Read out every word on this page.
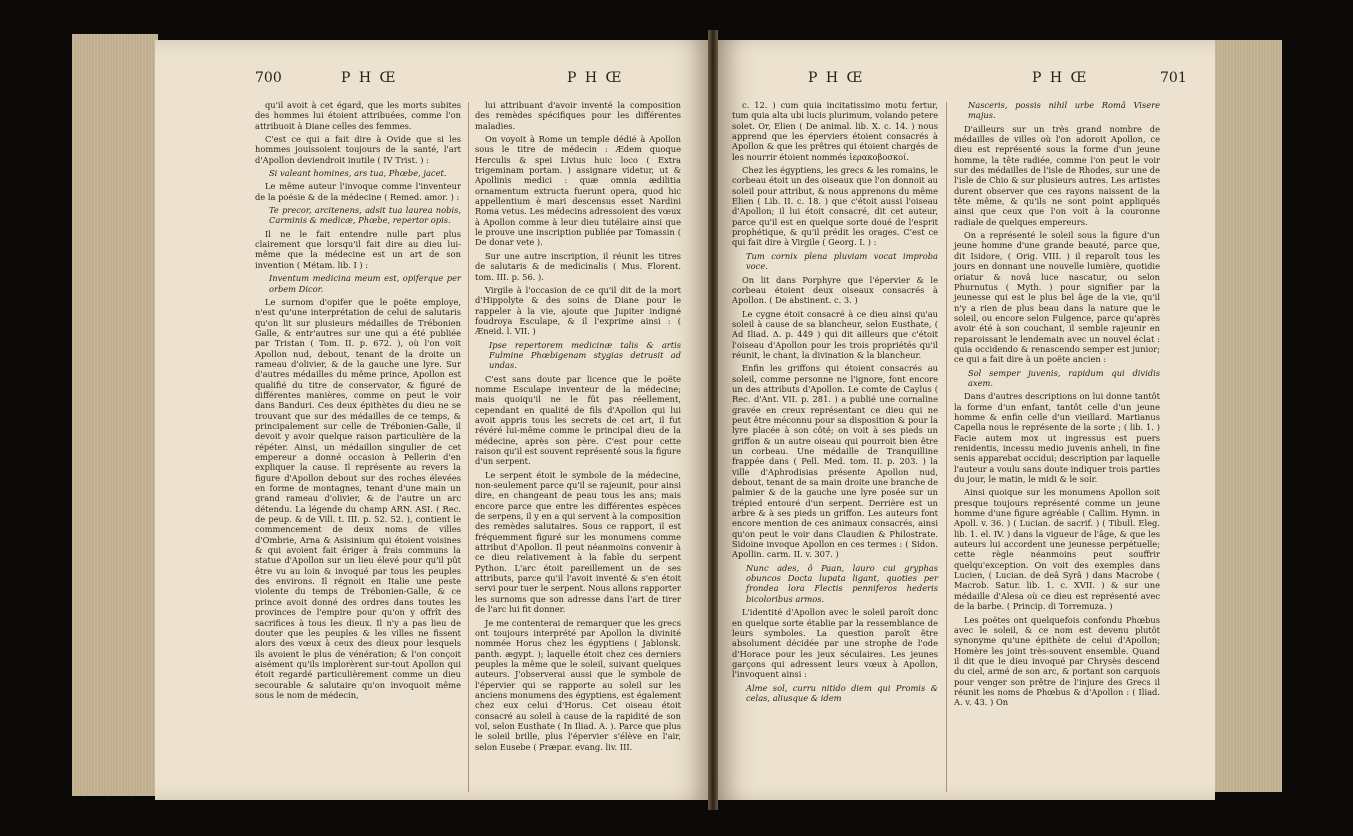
700	P H Œ	P H Œ

qu'il avoit à cet égard, que les morts subites des hommes lui étoient attribuées, comme l'on attribuoit à Diane celles des femmes.

C'est ce qui a fait dire à Ovide que si les hommes jouissoient toujours de la santé, l'art d'Apollon deviendroit inutile ( IV Trist. ) :

Si valeant homines, ars tua, Phœbe, jacet.

Le même auteur l'invoque comme l'inventeur de la poésie & de la médecine ( Remed. amor. ) :

Te precor, arcitenens, adsit tua laurea nobis, Carminis & medicæ, Phœbe, repertor opis.

Il ne le fait entendre nulle part plus clairement que lorsqu'il fait dire au dieu lui-même que la médecine est un art de son invention ( Métam. lib. I ) :

Inventum medicina meum est, opiferque per orbem Dicor.

Le surnom d'opifer que le poëte employe, n'est qu'une interprétation de celui de salutaris qu'on lit sur plusieurs médailles de Trébonien Galle, & entr'autres sur une qui a été publiée par Tristan ( Tom. II. p. 672. ), où l'on voit Apollon nud, debout, tenant de la droite un rameau d'olivier, & de la gauche une lyre. Sur d'autres médailles du même prince, Apollon est qualifié du titre de conservator, & figuré de différentes manières, comme on peut le voir dans Banduri. Ces deux épithètes du dieu ne se trouvant que sur des médailles de ce temps, & principalement sur celle de Trébonien-Galle, il devoit y avoir quelque raison particulière de la répéter. Ainsi, un médaillon singulier de cet empereur a donné occasion à Pellerin d'en expliquer la cause. Il représente au revers la figure d'Apollon debout sur des roches élevées en forme de montagnes, tenant d'une main un grand rameau d'olivier, & de l'autre un arc détendu. La légende du champ ARN. ASI. ( Rec. de peup. & de Vill. t. III. p. 52. 52. ), contient le commencement de deux noms de villes d'Ombrie, Arna & Asisinium qui étoient voisines & qui avoient fait ériger à frais communs la statue d'Apollon sur un lieu élevé pour qu'il pût être vu au loin & invoqué par tous les peuples des environs. Il régnoit en Italie une peste violente du temps de Trébonien-Galle, & ce prince avoit donné des ordres dans toutes les provinces de l'empire pour qu'on y offrît des sacrifices à tous les dieux. Il n'y a pas lieu de douter que les peuples & les villes ne fissent alors des vœux à ceux des dieux pour lesquels ils avoient le plus de vénération; & l'on conçoit aisément qu'ils implorèrent sur-tout Apollon qui étoit regardé particulièrement comme un dieu secourable & salutaire qu'on invoquoit même sous le nom de médecin,

lui attribuant d'avoir inventé la composition des remèdes spécifiques pour les différentes maladies.

On voyoit à Rome un temple dédié à Apollon sous le titre de médecin : Ædem quoque Herculis & spei Livius huic loco ( Extra trigeminam portam. ) assignare videtur, ut & Apollinis medici : quæ omnia ædilitia ornamentum extructa fuerunt opera, quod hic appellentium è mari descensus esset Nardini Roma vetus. Les médecins adressoient des vœux à Apollon comme à leur dieu tutélaire ainsi que le prouve une inscription publiée par Tomassin ( De donar vete ).

Sur une autre inscription, il réunit les titres de salutaris & de medicinalis ( Mus. Florent. tom. III. p. 56. ).

Virgile à l'occasion de ce qu'il dit de la mort d'Hippolyte & des soins de Diane pour le rappeler à la vie, ajoute que Jupiter indigné foudroya Esculape, & il l'exprime ainsi : ( Æneid. l. VII. )

Ipse repertorem medicinæ talis & artis Fulmine Phœbigenam stygias detrusit ad undas.

C'est sans doute par licence que le poëte nomme Esculape inventeur de la médecine; mais quoiqu'il ne le fût pas réellement, cependant en qualité de fils d'Apollon qui lui avoit appris tous les secrets de cet art, il fut révéré lui-même comme le principal dieu de la médecine, après son père. C'est pour cette raison qu'il est souvent représenté sous la figure d'un serpent.

Le serpent étoit le symbole de la médecine, non-seulement parce qu'il se rajeunit, pour ainsi dire, en changeant de peau tous les ans; mais encore parce que entre les différentes espèces de serpens, il y en a qui servent à la composition des remèdes salutaires. Sous ce rapport, il est fréquemment figuré sur les monumens comme attribut d'Apollon. Il peut néanmoins convenir à ce dieu relativement à la fable du serpent Python. L'arc étoit pareillement un de ses attributs, parce qu'il l'avoit inventé & s'en étoit servi pour tuer le serpent. Nous allons rapporter les surnoms que son adresse dans l'art de tirer de l'arc lui fit donner.

Je me contenterai de remarquer que les grecs ont toujours interprété par Apollon la divinité nommée Horus chez les égyptiens ( Jablonsk. panth. ægypt. ); laquelle étoit chez ces derniers peuples la même que le soleil, suivant quelques auteurs. J'observerai aussi que le symbole de l'épervier qui se rapporte au soleil sur les anciens monumens des égyptiens, est également chez eux celui d'Horus. Cet oiseau étoit consacré au soleil à cause de la rapidité de son vol, selon Eusthate ( In Iliad. A. ). Parce que plus le soleil brille, plus l'épervier s'élève en l'air, selon Eusebe ( Præpar. evang. liv. III.

P H Œ	P H Œ	701

c. 12. ) cum quia incitatissimo motu fertur, tum quia alta ubi lucis plurimum, volando petere solet. Or, Elien ( De animal. lib. X. c. 14. ) nous apprend que les éperviers étoient consacrés à Apollon & que les prêtres qui étoient chargés de les nourrir étoient nommés ἱερακοβοσκοί.

Chez les égyptiens, les grecs & les romains, le corbeau étoit un des oiseaux que l'on donnoit au soleil pour attribut, & nous apprenons du même Elien ( Lib. II. c. 18. ) que c'étoit aussi l'oiseau d'Apollon; il lui étoit consacré, dit cet auteur, parce qu'il est en quelque sorte doué de l'esprit prophétique, & qu'il prédit les orages. C'est ce qui fait dire à Virgile ( Georg. I. ) :

Tum cornix plena pluviam vocat improba voce.

On lit dans Porphyre que l'épervier & le corbeau étoient deux oiseaux consacrés à Apollon. ( De abstinent. c. 3. )

Le cygne étoit consacré à ce dieu ainsi qu'au soleil à cause de sa blancheur, selon Eusthate, ( Ad Iliad. Δ. p. 449 ) qui dit ailleurs que c'étoit l'oiseau d'Apollon pour les trois propriétés qu'il réunit, le chant, la divination & la blancheur.

Enfin les griffons qui étoient consacrés au soleil, comme personne ne l'ignore, font encore un des attributs d'Apollon. Le comte de Caylus ( Rec. d'Ant. VII. p. 281. ) a publié une cornaline gravée en creux représentant ce dieu qui ne peut être méconnu pour sa disposition & pour la lyre placée à son côté; on voit à ses pieds un griffon & un autre oiseau qui pourroit bien être un corbeau. Une médaille de Tranquilline frappée dans ( Pell. Med. tom. II. p. 203. ) la ville d'Aphrodisias présente Apollon nud, debout, tenant de sa main droite une branche de palmier & de la gauche une lyre posée sur un trépied entouré d'un serpent. Derrière est un arbre & à ses pieds un griffon. Les auteurs font encore mention de ces animaux consacrés, ainsi qu'on peut le voir dans Claudien & Philostrate. Sidoine invoque Apollon en ces termes : ( Sidon. Apollin. carm. II. v. 307. )

Nunc ades, ô Paan, lauro cui gryphas obuncos Docta lupata ligant, quoties per frondea lora Flectis penniferos hederis bicoloribus armos.

L'identité d'Apollon avec le soleil paroît donc en quelque sorte établie par la ressemblance de leurs symboles. La question paroît être absolument décidée par une strophe de l'ode d'Horace pour les jeux séculaires. Les jeunes garçons qui adressent leurs vœux à Apollon, l'invoquent ainsi :

Alme sol, curru nitido diem qui Promis & celas, aliusque & idem

Nasceris, possis nihil urbe Româ Visere majus.

D'ailleurs sur un très grand nombre de médailles de villes où l'on adoroit Apollon, ce dieu est représenté sous la forme d'un jeune homme, la tête radiée, comme l'on peut le voir sur des médailles de l'isle de Rhodes, sur une de l'isle de Chio & sur plusieurs autres. Les artistes durent observer que ces rayons naissent de la tête même, & qu'ils ne sont point appliqués ainsi que ceux que l'on voit à la couronne radiale de quelques empereurs.

On a représenté le soleil sous la figure d'un jeune homme d'une grande beauté, parce que, dit Isidore, ( Orig. VIII. ) il reparoît tous les jours en donnant une nouvelle lumière, quotidie oriatur & novâ luce nascatur, ou selon Phurnutus ( Myth. ) pour signifier par la jeunesse qui est le plus bel âge de la vie, qu'il n'y a rien de plus beau dans la nature que le soleil, ou encore selon Fulgence, parce qu'après avoir été à son couchant, il semble rajeunir en reparoissant le lendemain avec un nouvel éclat : quia occidendo & renascendo semper est junior; ce qui a fait dire à un poëte ancien :

Sol semper juvenis, rapidum qui dividis axem.

Dans d'autres descriptions on lui donne tantôt la forme d'un enfant, tantôt celle d'un jeune homme & enfin celle d'un vieillard. Martianus Capella nous le représente de la sorte ; ( lib. 1. ) Facie autem mox ut ingressus est puers renidentis, incessu medio juvenis anheli, in fine senis apparebat occidui; description par laquelle l'auteur a voulu sans doute indiquer trois parties du jour, le matin, le midi & le soir.

Ainsi quoique sur les monumens Apollon soit presque toujours représenté comme un jeune homme d'une figure agréable ( Callim. Hymn. in Apoll. v. 36. ) ( Lucian. de sacrif. ) ( Tibull. Eleg. lib. 1. el. IV. ) dans la vigueur de l'âge, & que les auteurs lui accordent une jeunesse perpétuelle; cette règle néanmoins peut souffrir quelqu'exception. On voit des exemples dans Lucien, ( Lucian. de deâ Syrâ ) dans Macrobe ( Macrob. Satur. lib. 1. c. XVII. ) & sur une médaille d'Alesa où ce dieu est représenté avec de la barbe. ( Princip. di Torremuza. )

Les poëtes ont quelquefois confondu Phœbus avec le soleil, & ce nom est devenu plutôt synonyme qu'une épithète de celui d'Apollon; Homère les joint très-souvent ensemble. Quand il dit que le dieu invoqué par Chrysès descend du ciel, armé de son arc, & portant son carquois pour venger son prêtre de l'injure des Grecs il réunit les noms de Phœbus & d'Apollon : ( Iliad. A. v. 43. ) On
